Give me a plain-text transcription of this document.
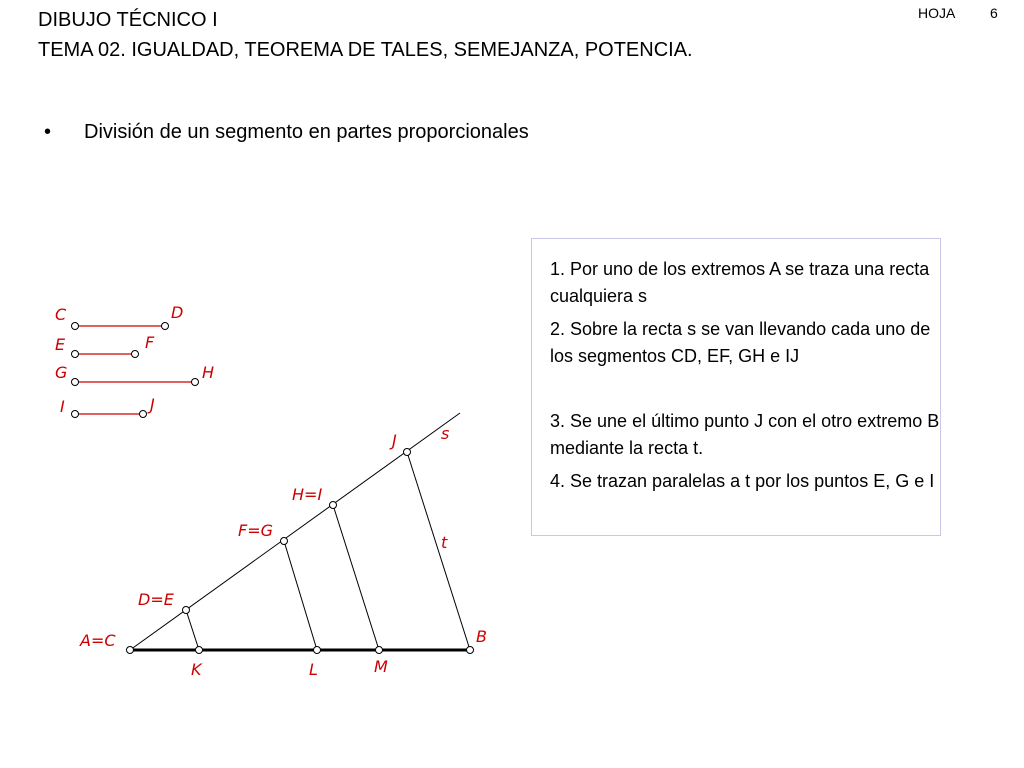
DIBUJO TÉCNICO I
TEMA 02. IGUALDAD, TEOREMA DE TALES, SEMEJANZA, POTENCIA.
HOJA 6
• División de un segmento en partes proporcionales

1. Por uno de los extremos A se traza una recta cualquiera s

2. Sobre la recta s se van llevando cada uno de los segmentos CD, EF, GH e IJ

3. Se une el último punto J con el otro extremo B mediante la recta t.

4. Se trazan paralelas a t por los puntos E, G e I

C	D
E	F
G	H
I	J
s
J
H=I
F=G
t
D=E
A=C	B
K	L	M
